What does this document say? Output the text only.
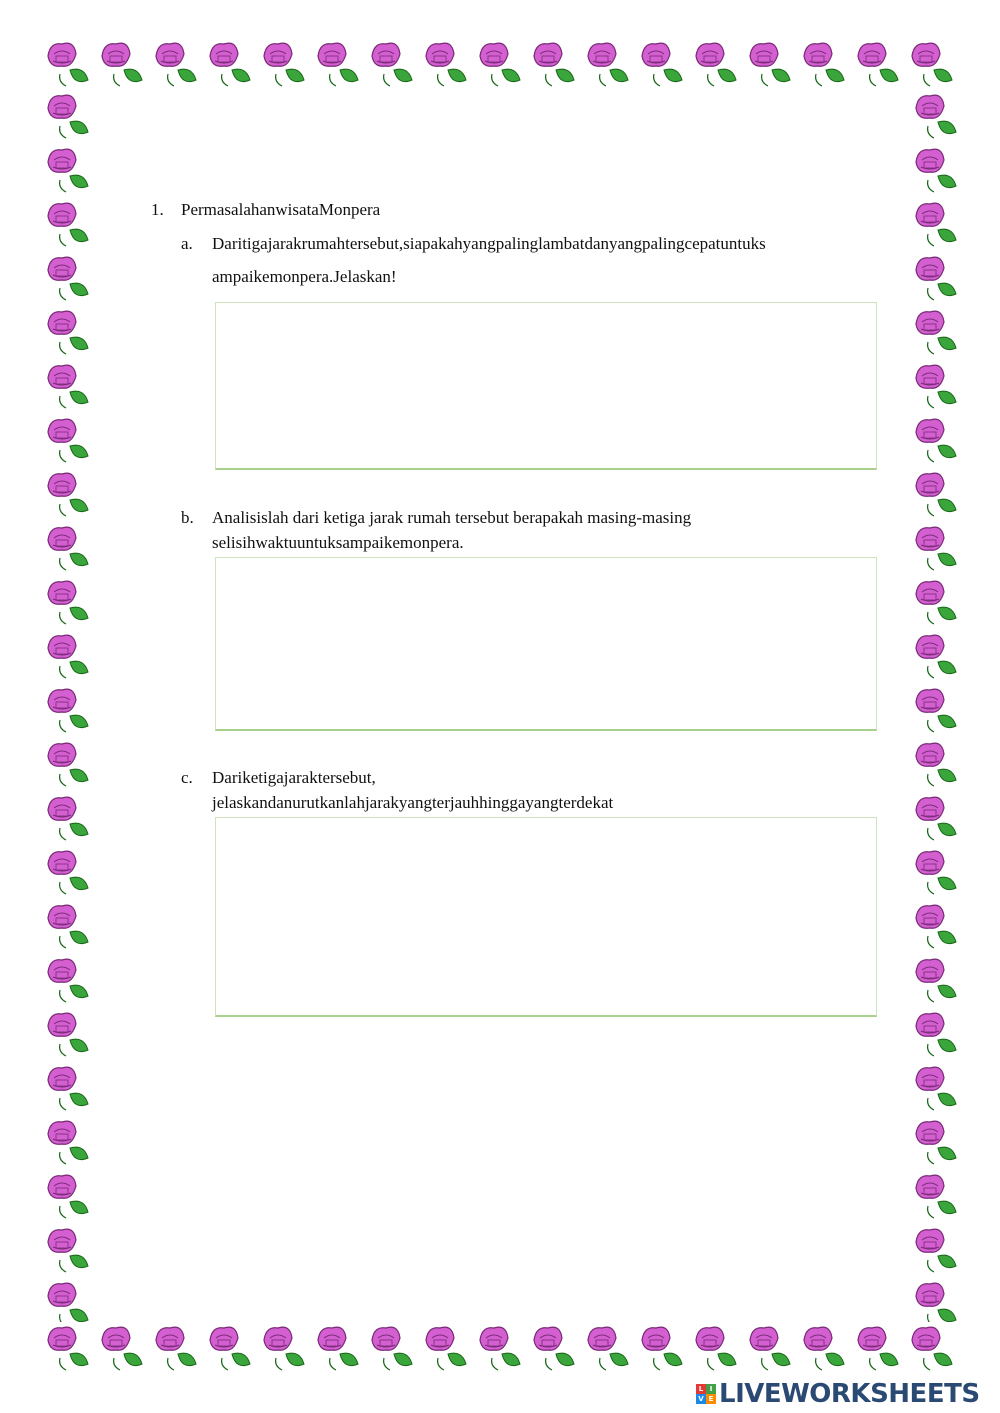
1. PermasalahanwisataMonpera
a. Daritigajarakrumahtersebut,siapakahyangpalinglambatdanyangpalingcepatuntuks
ampaikemonpera.Jelaskan!
b. Analisislah dari ketiga jarak rumah tersebut berapakah masing-masing
selisihwaktuuntuksampaikemonpera.
c. Dariketigajaraktersebut,
jelaskandanurutkanlahjarakyangterjauhhinggayangterdekat
L I
V E LIVEWORKSHEETS
